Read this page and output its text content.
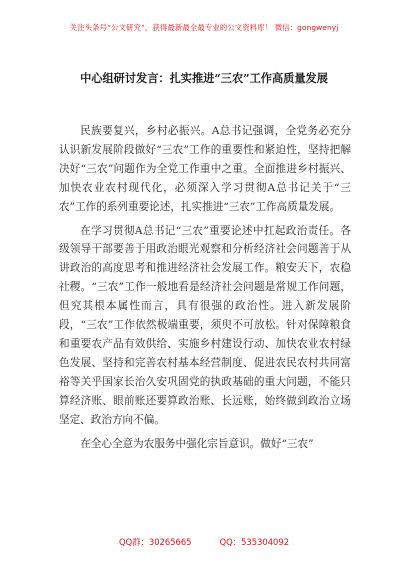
关注头条号“公文研究”，获得最新最全最专业的公文资料库！ 微信：gongwenyj
中心组研讨发言：扎实推进“三农”工作高质量发展

民族要复兴，乡村必振兴。A总书记强调，全党务必充分认识新发展阶段做好“三农”工作的重要性和紧迫性，坚持把解决好“三农”问题作为全党工作重中之重。全面推进乡村振兴、加快农业农村现代化，必须深入学习贯彻A总书记关于“三农”工作的系列重要论述，扎实推进“三农”工作高质量发展。

在学习贯彻A总书记“三农”重要论述中扛起政治责任。各级领导干部要善于用政治眼光观察和分析经济社会问题善于从讲政治的高度思考和推进经济社会发展工作。粮安天下，农稳社稷。“三农”工作一般地看是经济社会问题是常规工作问题，但究其根本属性而言，具有很强的政治性。进入新发展阶段，“三农”工作依然极端重要，须臾不可放松。针对保障粮食和重要农产品有效供给、实施乡村建设行动、加快农业农村绿色发展、坚持和完善农村基本经营制度、促进农民农村共同富裕等关乎国家长治久安巩固党的执政基础的重大问题，不能只算经济账、眼前账还要算政治账、长远账，始终做到政治立场坚定、政治方向不偏。

在全心全意为农服务中强化宗旨意识。做好“三农”

QQ群：30265665	QQ：535304092
